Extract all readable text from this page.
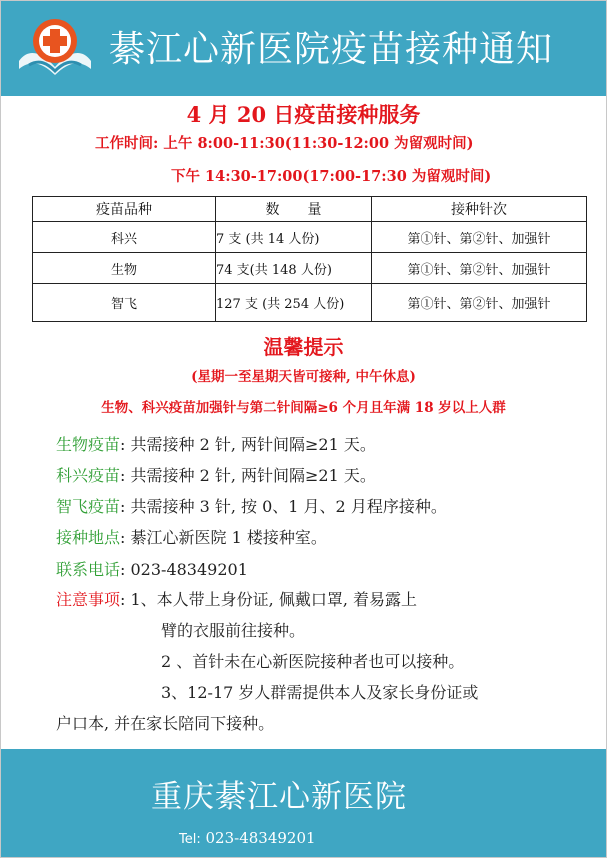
綦江心新医院疫苗接种通知
4 月 20 日疫苗接种服务
工作时间: 上午 8:00-11:30(11:30-12:00 为留观时间)
下午 14:30-17:00(17:00-17:30 为留观时间)
疫苗品种	数　　量	接种针次
科兴	7 支 (共 14 人份)	第①针、第②针、加强针
生物	74 支(共 148 人份)	第①针、第②针、加强针
智飞	127 支 (共 254 人份)	第①针、第②针、加强针
温馨提示
(星期一至星期天皆可接种, 中午休息)
生物、科兴疫苗加强针与第二针间隔≥6 个月且年满 18 岁以上人群
生物疫苗: 共需接种 2 针, 两针间隔≥21 天。
科兴疫苗: 共需接种 2 针, 两针间隔≥21 天。
智飞疫苗: 共需接种 3 针, 按 0、1 月、2 月程序接种。
接种地点: 綦江心新医院 1 楼接种室。
联系电话: 023-48349201
注意事项: 1、本人带上身份证, 佩戴口罩, 着易露上
臂的衣服前往接种。
2 、首针未在心新医院接种者也可以接种。
3、12-17 岁人群需提供本人及家长身份证或
户口本, 并在家长陪同下接种。
重庆綦江心新医院
Tel: 023-48349201
